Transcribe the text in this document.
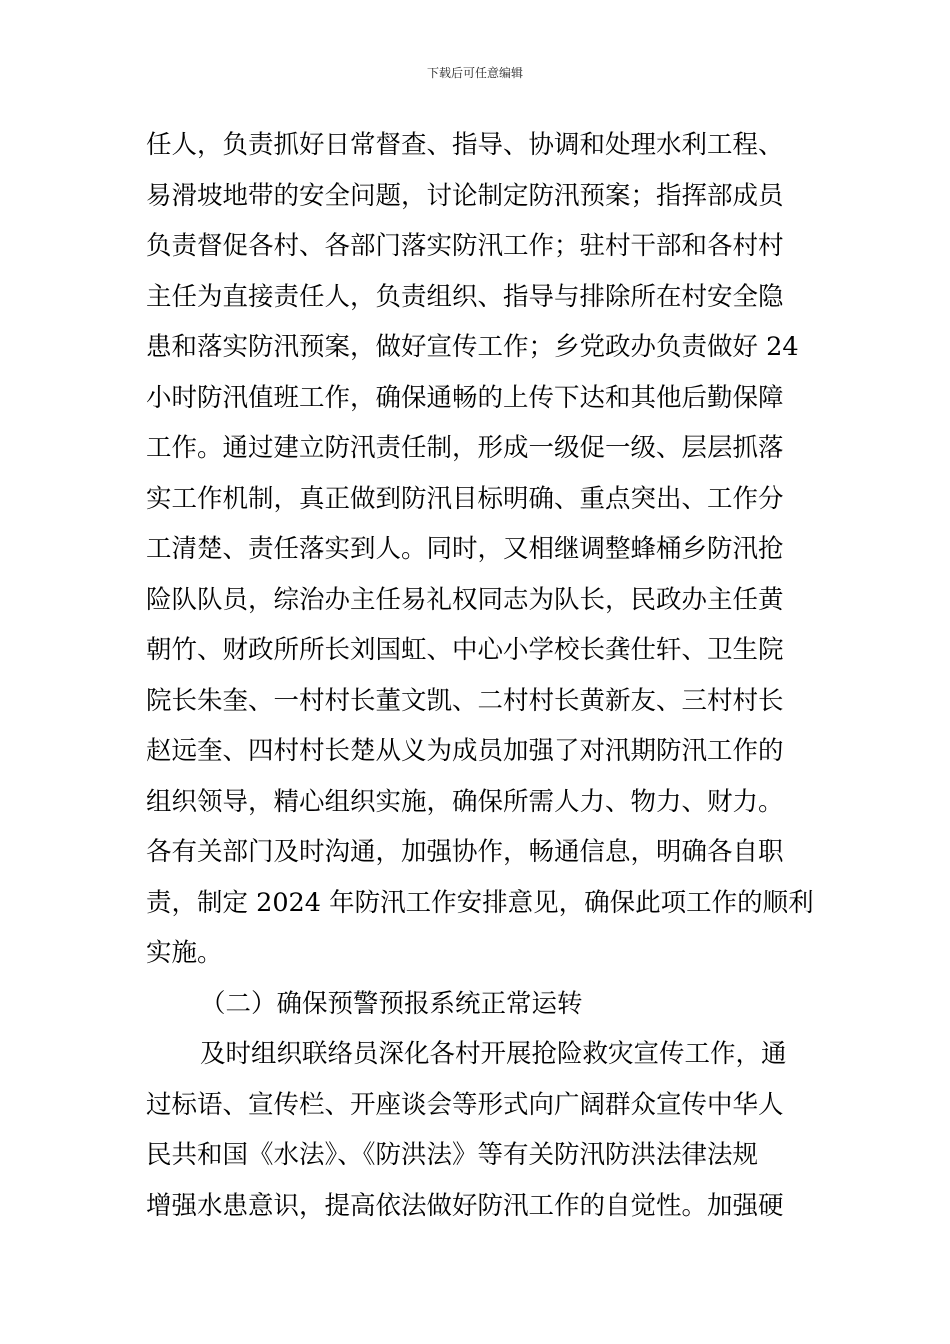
下载后可任意编辑
任人，负责抓好日常督查、指导、协调和处理水利工程、
易滑坡地带的安全问题，讨论制定防汛预案；指挥部成员
负责督促各村、各部门落实防汛工作；驻村干部和各村村
主任为直接责任人，负责组织、指导与排除所在村安全隐
患和落实防汛预案，做好宣传工作；乡党政办负责做好 24
小时防汛值班工作，确保通畅的上传下达和其他后勤保障
工作。通过建立防汛责任制，形成一级促一级、层层抓落
实工作机制，真正做到防汛目标明确、重点突出、工作分
工清楚、责任落实到人。同时，又相继调整蜂桶乡防汛抢
险队队员，综治办主任易礼权同志为队长，民政办主任黄
朝竹、财政所所长刘国虹、中心小学校长龚仕轩、卫生院
院长朱奎、一村村长董文凯、二村村长黄新友、三村村长
赵远奎、四村村长楚从义为成员加强了对汛期防汛工作的
组织领导，精心组织实施，确保所需人力、物力、财力。
各有关部门及时沟通，加强协作，畅通信息，明确各自职
责，制定 2024 年防汛工作安排意见，确保此项工作的顺利
实施。
（二）确保预警预报系统正常运转
及时组织联络员深化各村开展抢险救灾宣传工作，通
过标语、宣传栏、开座谈会等形式向广阔群众宣传中华人
民共和国《水法》、《防洪法》等有关防汛防洪法律法规
增强水患意识，提高依法做好防汛工作的自觉性。加强硬
